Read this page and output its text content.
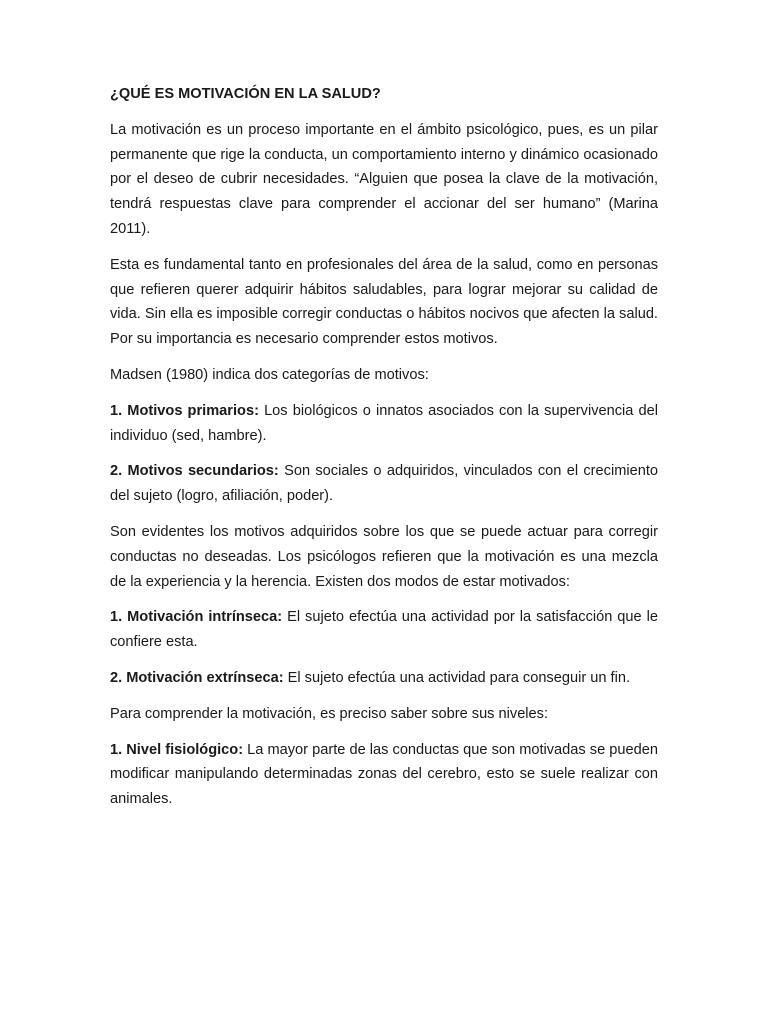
¿QUÉ ES MOTIVACIÓN EN LA SALUD?

La motivación es un proceso importante en el ámbito psicológico, pues, es un pilar permanente que rige la conducta, un comportamiento interno y dinámico ocasionado por el deseo de cubrir necesidades. “Alguien que posea la clave de la motivación, tendrá respuestas clave para comprender el accionar del ser humano” (Marina 2011).

Esta es fundamental tanto en profesionales del área de la salud, como en personas que refieren querer adquirir hábitos saludables, para lograr mejorar su calidad de vida. Sin ella es imposible corregir conductas o hábitos nocivos que afecten la salud. Por su importancia es necesario comprender estos motivos.

Madsen (1980) indica dos categorías de motivos:

1. Motivos primarios: Los biológicos o innatos asociados con la supervivencia del individuo (sed, hambre).

2. Motivos secundarios: Son sociales o adquiridos, vinculados con el crecimiento del sujeto (logro, afiliación, poder).

Son evidentes los motivos adquiridos sobre los que se puede actuar para corregir conductas no deseadas. Los psicólogos refieren que la motivación es una mezcla de la experiencia y la herencia. Existen dos modos de estar motivados:

1. Motivación intrínseca: El sujeto efectúa una actividad por la satisfacción que le confiere esta.

2. Motivación extrínseca: El sujeto efectúa una actividad para conseguir un fin.

Para comprender la motivación, es preciso saber sobre sus niveles:

1. Nivel fisiológico: La mayor parte de las conductas que son motivadas se pueden modificar manipulando determinadas zonas del cerebro, esto se suele realizar con animales.
